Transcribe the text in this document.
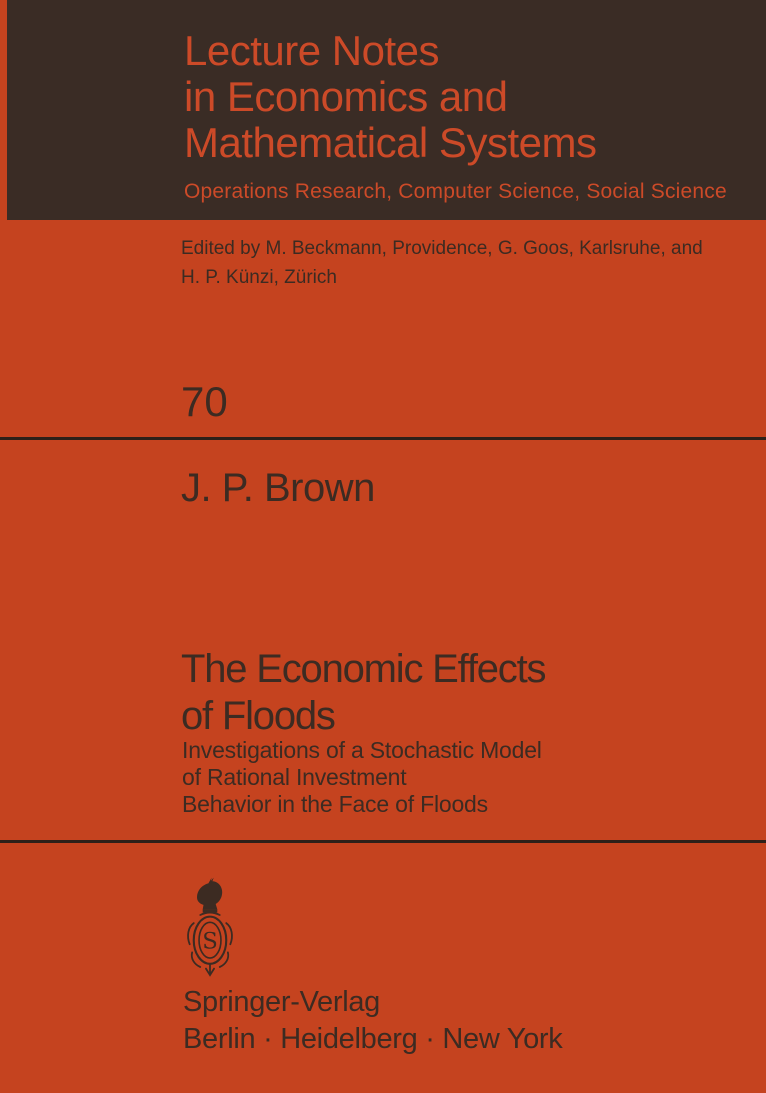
Lecture Notes
in Economics and
Mathematical Systems
Operations Research, Computer Science, Social Science
Edited by M. Beckmann, Providence, G. Goos, Karlsruhe, and
H. P. Künzi, Zürich
70
J. P. Brown
The Economic Effects
of Floods
Investigations of a Stochastic Model
of Rational Investment
Behavior in the Face of Floods
S
Springer-Verlag
Berlin · Heidelberg · New York
